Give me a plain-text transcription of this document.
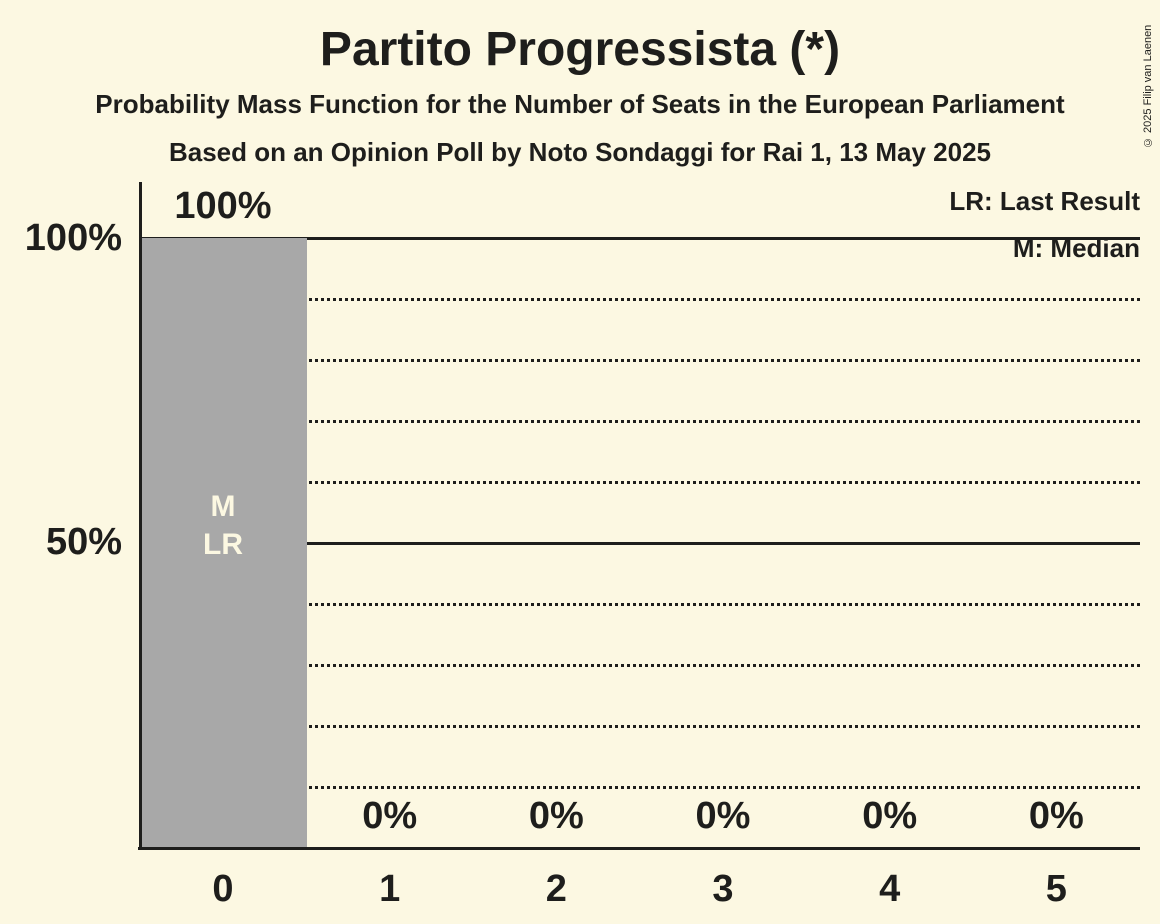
© 2025 Filip van Laenen
Partito Progressista (*)
Probability Mass Function for the Number of Seats in the European Parliament
Based on an Opinion Poll by Noto Sondaggi for Rai 1, 13 May 2025
LR: Last Result
M: Median
100%
50%
100%
0
0%
1
0%
2
0%
3
0%
4
0%
5
M
LR
